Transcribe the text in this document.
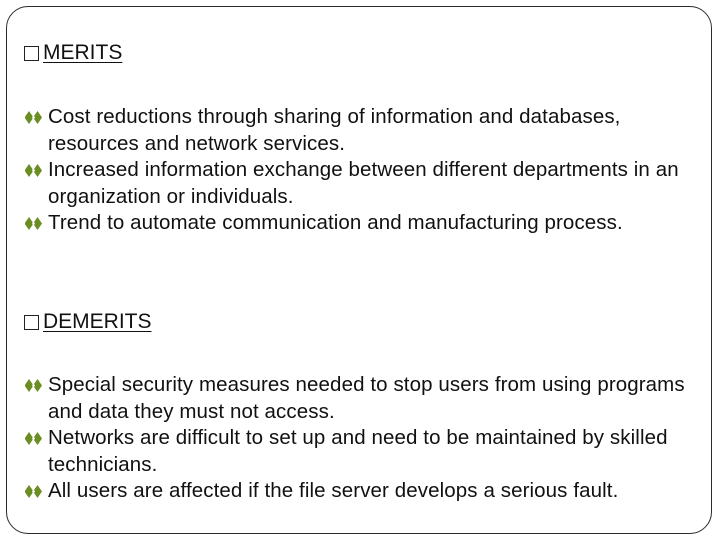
MERITS
Cost reductions through sharing of information and databases, resources and network services.
Increased information exchange between different departments in an organization or individuals.
Trend to automate communication and manufacturing process.
DEMERITS
Special security measures needed to stop users from using programs and data they must not access.
Networks are difficult to set up and need to be maintained by skilled technicians.
All users are affected if the file server develops a serious fault.
